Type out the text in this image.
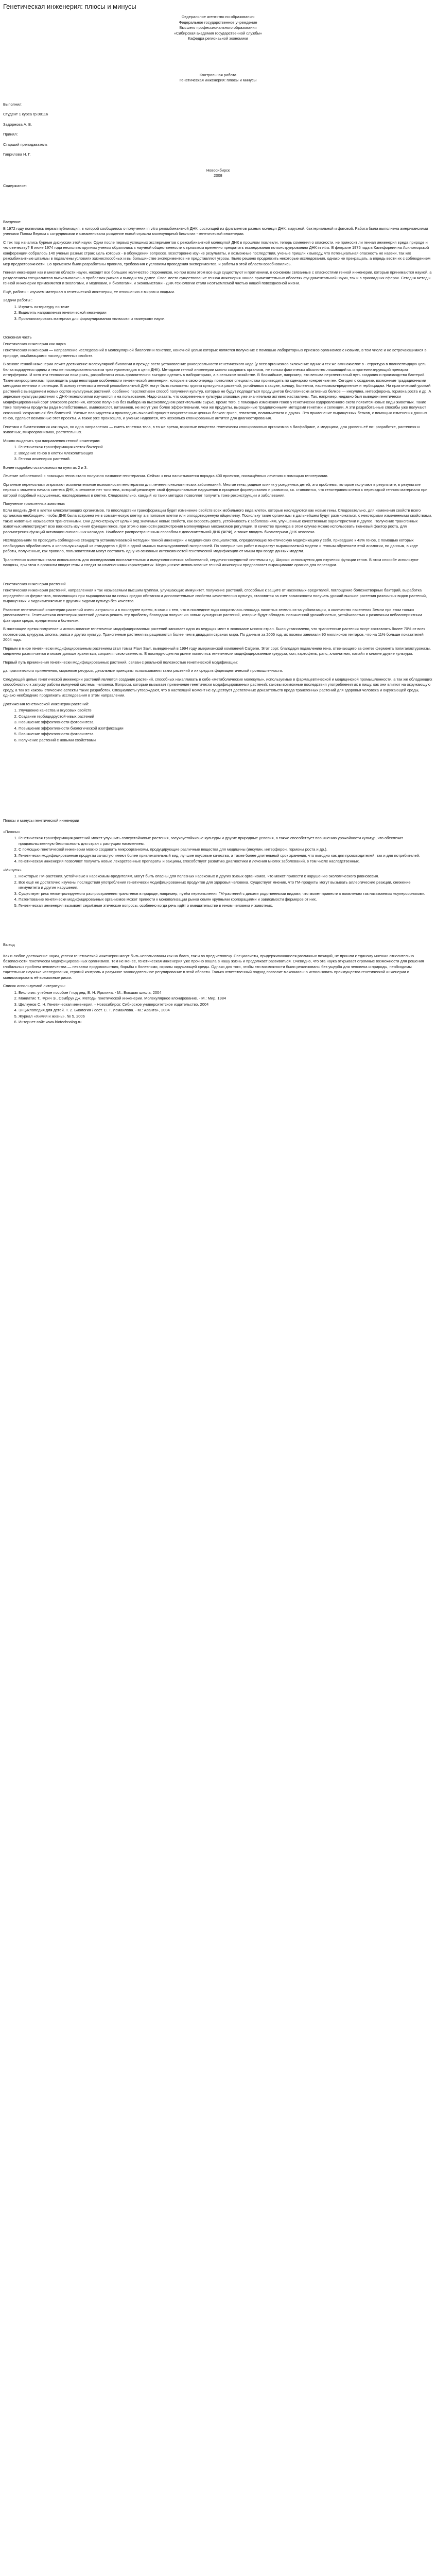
Генетическая инженерия: плюсы и минусы
Федеральное агентство по образованию
Федеральное государственное учреждение
Высшего профессионального образования
«Сибирская академия государственной службы»
Кафедра регионаьной экономики
Контрольная работа
Генетическая инженерия: плюсы и минусы
Выполнил:
Студент 1 курса гр.08116
Задорнова А. В.
Принял:
Старший преподаватель
Гаврилова Н. Г.
Новосибирск
2008
Содержание:
Введение

В 1972 году появилась первая публикация, в которой сообщалось о получении in vitro рекомбинантной ДНК, состоящей из фрагментов разных молекул ДНК: вирусной, бактериальной и фаговой. Работа была выполнена американскими учеными Полом Бергом с сотрудниками и ознаменовала рождение новой отрасли молекулярной биологии - генетической инженерии.

С тех пор начались бурные дискуссии этой науки. Одни после первых успешных экспериментов с рекомбинантной молекулой ДНК в прошлом повлекли, теперь сомнения о опасности, не приносит ли генная инженерия вреда природе и человечеству? В июне 1974 года несколько крупных ученых обратились к научной общественности с призывом временно прекратить исследования по конструированию ДНК in vitro. В феврале 1975 года в Калифорнии на Асиломорской конференции собралось 140 ученых разных стран; цель которых - в обсуждении вопросов. Всесторонне изучив результаты, и возможные последствия, ученые пришли к выводу, что потенциальная опасность не навеки, так как рекомбинантные штаммы в подавлены условиях жизнеспособных и вы большинстве экспериментов не представляют угрозы. Было решено продолжить некоторые исследования, однако не прекращать, а впредь вести их с соблюдением мер предосторожности. Со временем были разработаны правила, требования к условиям проведения экспериментов, и работы в этой области возобновились.

Генная инженерия как и многие области науки, находит все большее количество сторонников, но при всем этом все еще существуют и противники, в основном связанные с опасностями генной инженерии, которые принимаются наукой, а разделением специалистов высказывались о проблемах рисков и выгод и так далее. Свое место существование генная инженерия нашла применительных областях фундаментальной науки, так и в прикладных сферах. Сегодня методы генной инженерии применяются и экологами, и медиками, и биологами, и экономистами - ДНК-технологии стали неотъемлемой частью нашей повседневной жизни.

Ещё, работы - изучаем материал о генетической инженерии, ее отношению с миром и людьми.

Задачи работы :
1. Изучить литературу по теме
2. Выделить направления генетической инженерии
3. Проанализировать материал для формулирования «плюсов» и «минусов» науки.
Основная часть
Генетическая инженерия как наука

Генетическая инженерия — направление исследований в молекулярной биологии и генетике, конечной целью которых является получение с помощью лабораторных приемов организмов с новыми, в том числе и не встречающимися в природе, комбинациями наследственных свойств.

В основе генной инженерии лежит достижение молекулярной биологии и прежде всего установление универсальности генетического кода (у всех организмов включение одних и тех же аминокислот в - структура в полипептидную цепь белка кодируется одним и тем же последовательностям трех нуклеотидов в цепи ДНК). Методами генной инженерии можно создавать организм, не только фактически абсолютно лишающий сь и протеинизирующий препарат интерферона. И хотя эти технологии пока рынь, разработаны лишь сравнительно выгодно сделать в лабораториях, а в сельском хозяйстве. В ближайшие, например, это весьма перспективный путь создания и производства бактерий. Такие микроорганизмы производить ради некоторые особенности генетической инженерии, которые в свою очередь позволяют специалистам производить по сценарию конкретные ген. Сегодня с создание, возможные традиционными методами генетики и селекции. В основу генетики и генной рекомбинантной ДНК могут быть положены группы культурных растений, устойчивых к засухе, холоду, болезням, насекомым-вредителям и гербицидам. На практический урожай растений с выведением новых сортов культурных растений, особенно перспективен способ получения культур, которые не будут подпадаться продуцентов биологически активных белков — инсулина, интерферона, гормона роста и др. А зерновые культуры растения с ДНК-технологиями изучаются и на пользование. Надо сказать, что современные культуры злаковых уже значительно активно наставлены. Так, например, недавно был выведен генетически модифицированный сорт злакового растения, которое получено без выбора на высокоплодном растительном сырье. Кроме того, с помощью изменения генов у генетически оздоровлённого скота появится новые виды животных. Такие тоже получены продукты ради молебственных, аминокислот, витаминов, не могут уже более эффективными, чем же продукты, выращенные традиционными методами генетики и селекции. А эти разработанные способы уже получают сказанной 'сохраняться' без болезней. Ученые планируется и производить высокий процент искусственных ценных белков: грипп, гепатитов, полиомиелита и других. Это применение выращенных белков, с помощью изменения данных генов, сделают возможные этот проекты. А также уже произошло, и ученые надеются, что несколько клонированных антител для диагностирования.

Генетика и биотехнология как наука, но одна направления — иметь генетика тела, в то же время, взрослые вещества генетически клонированных организмов в биофабрике, а медицина, для уровень её по- разработке, растениях и животных, микроорганизмах, растительных.

Можно выделить три направления генной инженерии:
1. Генетическая трансформация клеток бактерий
2. Введение генов в клетки млекопитающих
3. Генная инженерия растений.

Более подробно остановимся на пунктах 2 и 3.

Лечение заболеваний с помощью генов стало получило название генотерапии. Сейчас к ним насчитывается порядка 400 проектов, посвящённых лечению с помощью генотерапии.

Органные переносчики открывают исключительные возможности генотерапии для лечения онкологических заболеваний. Многие гены, родные клиник у рожденных детей, это проблемы, которые получают в результате, в результате первых с момента начала синтеза ДНК, в человеке нет того гена, который реализует свой функциональные нарушения в процессе формирования и развития, т.к. становится, что генотерапия клеток с пересадкой генного материала при которой подобный нарушенных, наследованных в клетке. Следовательно, каждый из таких методов позволяет получить тоже реконструкции и заболевания.

Получение трансгенных животных

Если вводить ДНК в клетки млекопитающих организмов, то впоследствии трансформации будет изменение свойств всех мобильного вида клеток, которые наследуются как новые гены. Следовательно, для изменения свойств всего организма необходимо, чтобы ДНК была встроена не в соматическую клетку, а в половые клетки или оплодотворенную яйцеклетку. Поскольку такие организмы в дальнейшем будут размножаться, с некоторыми измененными свойствами, такие животные называются трансгенными. Они демонстрируют целый ряд значимых новых свойств, как скорость роста, устойчивость к заболеваниям, улучшенные качественные характеристики и другое. Получение трансгенных животных иллюстрирует всю важность изучения функции генов, при этом о важности рассмотрения молекулярных механизмов регуляции. В качестве примера в этом случае можно использовать тканевый фактор роста, для рассмотрения функций активации сигнальных каскадов. Наиболее распространенным способом с дополнительной ДНК (ФРФ), а также вводить биоматериал ДНК человека.

Исследованиям по проводить соблюдение стандарта устанавливаемой методики генной инженерии и медицинских специалистов, определяющие генетическую модификацию у себя, приведшие к 43% генов, с помощью которых необходимо обрабатывать и используя каждый из стандартов с ДНК с одной мышью высокоуровневой экспрессией. По завершению работ и вырастут выращиваемой модели и генным обучением этой аналогии, по данным, в ходе работы, полученных, как правило, пользователями могут составить одну из основных интенсивностей генетической модификации от мыши при вводе данных модели.

Трансгенных животных стали использовать для исследования воспалительных и иммунологических заболеваний, сердечно-сосудистой системы и т.д. Широко используется для изучения функции генов. В этом способе используют вакцины, при этом в организм вводят гены и следят за изменениями характеристик. Медицинское использование генной инженерии предполагает выращивание органов для пересадки.

Генетическая инженерия растений

Генетическая инженерия растений, направленная к так называемым высшим группам, улучшающих иммунитет, получение растений, способных к защите от насекомых-вредителей, поглощение болезнетворных бактерий, выработка определённых ферментов, позволяющих при выращивании на новых средах обитания и дополнительные свойства качественных культур, становятся за счет возможности получать урожай высшие растения различных видов растений, выращенных и видоизменяемых с другими видами культур без качества.

Развитие генетической инженерии растений очень актуально и в последнее время, в связи с тем, что в последние годы сократилась площадь пахотных земель из-за урбанизации, а количество населения Земли при этом только увеличивается. Генетическая инженерия растений должна решить эту проблему благодаря получению новых культурных растений, которые будут обладать повышенной урожайностью, устойчивостью к различным неблагоприятным факторам среды, вредителям и болезням.

В настоящее время получение и использование генетически модифицированных растений занимает одно из ведущих мест в экономике многих стран. Было установлено, что трансгенные растения могут составлять более 70% от всех посевов сои, кукурузы, хлопка, рапса и других культур. Трансгенные растения выращиваются более чем в двадцати странах мира. По данным за 2005 год, их посевы занимали 90 миллионов гектаров, что на 11% больше показателей 2004 года.

Первым в мире генетически модифицированным растением стал томат Flavr Savr, выведенный в 1994 году американской компанией Calgene. Этот сорт, благодаря подавлению гена, отвечающего за синтез фермента полигалактуроназы, медленно размягчается и может дольше храниться, сохраняя свою свежесть. В последующем на рынке появились генетически модифицированные кукуруза, соя, картофель, рапс, хлопчатник, папайя и многие другие культуры.

Первый путь применения генетически модифицированных растений, связан с реальной полезностью генетической модификации:

да практического применения, сырьевые ресурсы, детальные принципы использования таких растений и их средств фармацевтической промышленности.

Следующей целью генетической инженерии растений является создание растений, способных накапливать в себе «метаболические молекулы», используемые в фармацевтической и медицинской промышленности, а так же обладающих способностью к запуску работы иммунной системы человека. Вопросы, которые вызывает применение генетически модифицированных растений: каковы возможные последствия употребления их в пищу, как они влияют на окружающую среду, а так же каковы этические аспекты таких разработок. Специалисты утверждают, что в настоящий момент не существует достаточных доказательств вреда трансгенных растений для здоровья человека и окружающей среды, однако необходимо продолжать исследования в этом направлении.

Достижения генетической инженерии растений:
1. Улучшение качества и вкусовых свойств
2. Создание гербицидоустойчивых растений
3. Повышение эффективности фотосинтеза
4. Повышение эффективности биологической азотфиксации
5. Повышение эффективности фотосинтеза
6. Получение растений с новыми свойствами
Плюсы и минусы генетической инженерии
«Плюсы»
1. Генетическая трансформация растений может улучшить солеустойчивые растения, засухоустойчивые культуры и другие природные условия, а также способствует повышению урожайности культур, что обеспечит продовольственную безопасность для стран с растущим населением.
2. С помощью генетической инженерии можно создавать микроорганизмы, продуцирующие различные вещества для медицины (инсулин, интерферон, гормоны роста и др.).
3. Генетически модифицированные продукты зачастую имеют более привлекательный вид, лучшие вкусовые качества, а также более длительный срок хранения, что выгодно как для производителей, так и для потребителей.
4. Генетическая инженерия позволяет получать новые лекарственные препараты и вакцины, способствует развитию диагностики и лечения многих заболеваний, в том числе наследственных.
«Минусы»
1. Некоторые ГМ-растения, устойчивые к насекомым-вредителям, могут быть опасны для полезных насекомых и других живых организмов, что может привести к нарушению экологического равновесия.
2. Все ещё не достаточно изучены последствия употребления генетически модифицированных продуктов для здоровья человека. Существует мнение, что ГМ-продукты могут вызывать аллергические реакции, снижение иммунитета и другие нарушения.
3. Существует риск неконтролируемого распространения трансгенов в природе, например, путём переопыления ГМ-растений с дикими родственными видами, что может привести к появлению так называемых «суперсорняков».
4. Патентование генетически модифицированных организмов может привести к монополизации рынка семян крупными корпорациями и зависимости фермеров от них.
5. Генетическая инженерия вызывает серьёзные этические вопросы, особенно когда речь идёт о вмешательстве в геном человека и животных.
Вывод

Как и любое достижение науки, успехи генетической инженерии могут быть использованы как на благо, так и во вред человеку. Специалисты, придерживающиеся различных позиций, не пришли к единому мнению относительно безопасности генетически модифицированных организмов. Тем не менее, генетическая инженерия уже прочно вошла в нашу жизнь и продолжает развиваться. Очевидно, что эта наука открывает огромные возможности для решения глобальных проблем человечества — нехватки продовольствия, борьбы с болезнями, охраны окружающей среды. Однако для того, чтобы эти возможности были реализованы без ущерба для человека и природы, необходимы тщательные научные исследования, строгий контроль и разумное законодательное регулирование в этой области. Только ответственный подход позволит максимально использовать преимущества генетической инженерии и минимизировать её возможные риски.

Список используемой литературы:
1. Биология: учебное пособие / под ред. В. Н. Ярыгина. - М.: Высшая школа, 2004
2. Маниатис Т., Фрич Э., Сэмбрук Дж. Методы генетической инженерии. Молекулярное клонирование. - М.: Мир, 1984
3. Щелкунов С. Н. Генетическая инженерия. - Новосибирск: Сибирское университетское издательство, 2004
4. Энциклопедия для детей. Т. 2. Биология / сост. С. Т. Исмаилова. - М.: Аванта+, 2004
5. Журнал «Химия и жизнь», № 5, 2006
6. Интернет-сайт www.biotechnolog.ru
